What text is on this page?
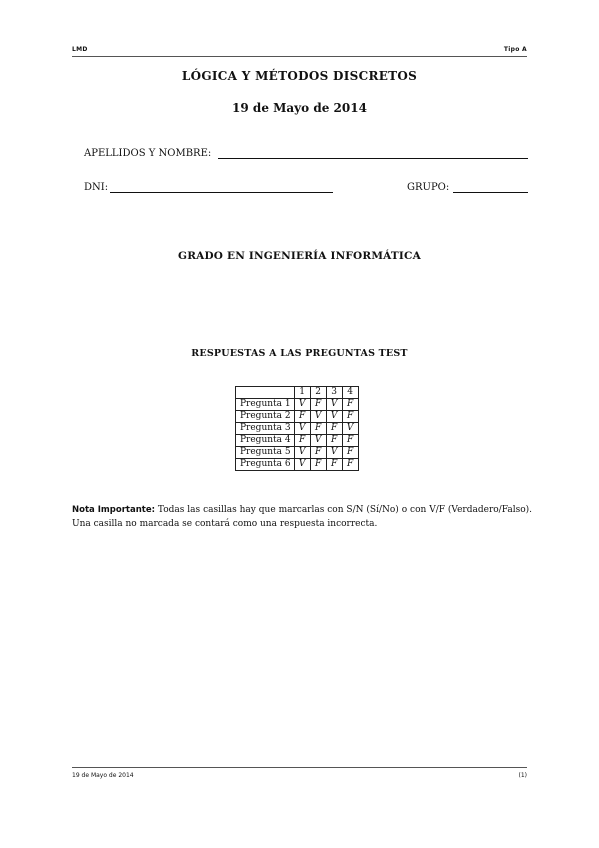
LMD	Tipo A
LÓGICA Y MÉTODOS DISCRETOS
19 de Mayo de 2014
APELLIDOS Y NOMBRE:
DNI:	GRUPO:
GRADO EN INGENIERÍA INFORMÁTICA
RESPUESTAS A LAS PREGUNTAS TEST
	1	2	3	4
Pregunta 1	V	F	V	F
Pregunta 2	F	V	V	F
Pregunta 3	V	F	F	V
Pregunta 4	F	V	F	F
Pregunta 5	V	F	V	F
Pregunta 6	V	F	F	F
Nota Importante: Todas las casillas hay que marcarlas con S/N (Sí/No) o con V/F (Verdadero/Falso). Una casilla no marcada se contará como una respuesta incorrecta.
19 de Mayo de 2014	(1)
